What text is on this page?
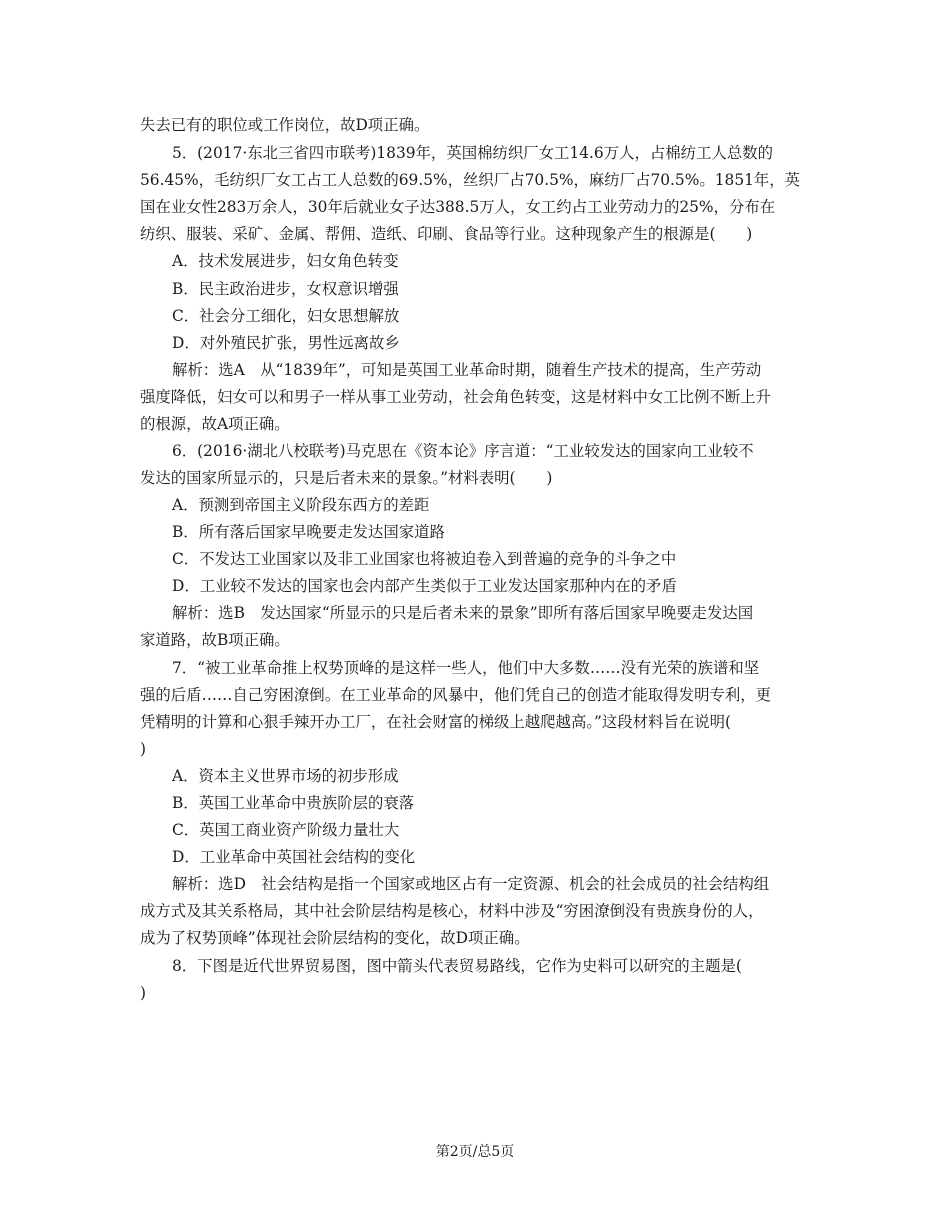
失去已有的职位或工作岗位，故D项正确。
5．(2017·东北三省四市联考)1839年，英国棉纺织厂女工14.6万人，占棉纺工人总数的
56.45%，毛纺织厂女工占工人总数的69.5%，丝织厂占70.5%，麻纺厂占70.5%。1851年，英
国在业女性283万余人，30年后就业女子达388.5万人，女工约占工业劳动力的25%，分布在
纺织、服装、采矿、金属、帮佣、造纸、印刷、食品等行业。这种现象产生的根源是(　　)
A．技术发展进步，妇女角色转变
B．民主政治进步，女权意识增强
C．社会分工细化，妇女思想解放
D．对外殖民扩张，男性远离故乡
解析：选A　从“1839年”，可知是英国工业革命时期，随着生产技术的提高，生产劳动
强度降低，妇女可以和男子一样从事工业劳动，社会角色转变，这是材料中女工比例不断上升
的根源，故A项正确。
6．(2016·湖北八校联考)马克思在《资本论》序言道：“工业较发达的国家向工业较不
发达的国家所显示的，只是后者未来的景象。”材料表明(　　)
A．预测到帝国主义阶段东西方的差距
B．所有落后国家早晚要走发达国家道路
C．不发达工业国家以及非工业国家也将被迫卷入到普遍的竞争的斗争之中
D．工业较不发达的国家也会内部产生类似于工业发达国家那种内在的矛盾
解析：选B　发达国家“所显示的只是后者未来的景象”即所有落后国家早晚要走发达国
家道路，故B项正确。
7．“被工业革命推上权势顶峰的是这样一些人，他们中大多数……没有光荣的族谱和坚
强的后盾……自己穷困潦倒。在工业革命的风暴中，他们凭自己的创造才能取得发明专利，更
凭精明的计算和心狠手辣开办工厂，在社会财富的梯级上越爬越高。”这段材料旨在说明(
)
A．资本主义世界市场的初步形成
B．英国工业革命中贵族阶层的衰落
C．英国工商业资产阶级力量壮大
D．工业革命中英国社会结构的变化
解析：选D　社会结构是指一个国家或地区占有一定资源、机会的社会成员的社会结构组
成方式及其关系格局，其中社会阶层结构是核心，材料中涉及“穷困潦倒没有贵族身份的人，
成为了权势顶峰”体现社会阶层结构的变化，故D项正确。
8．下图是近代世界贸易图，图中箭头代表贸易路线，它作为史料可以研究的主题是(
)
第2页/总5页
